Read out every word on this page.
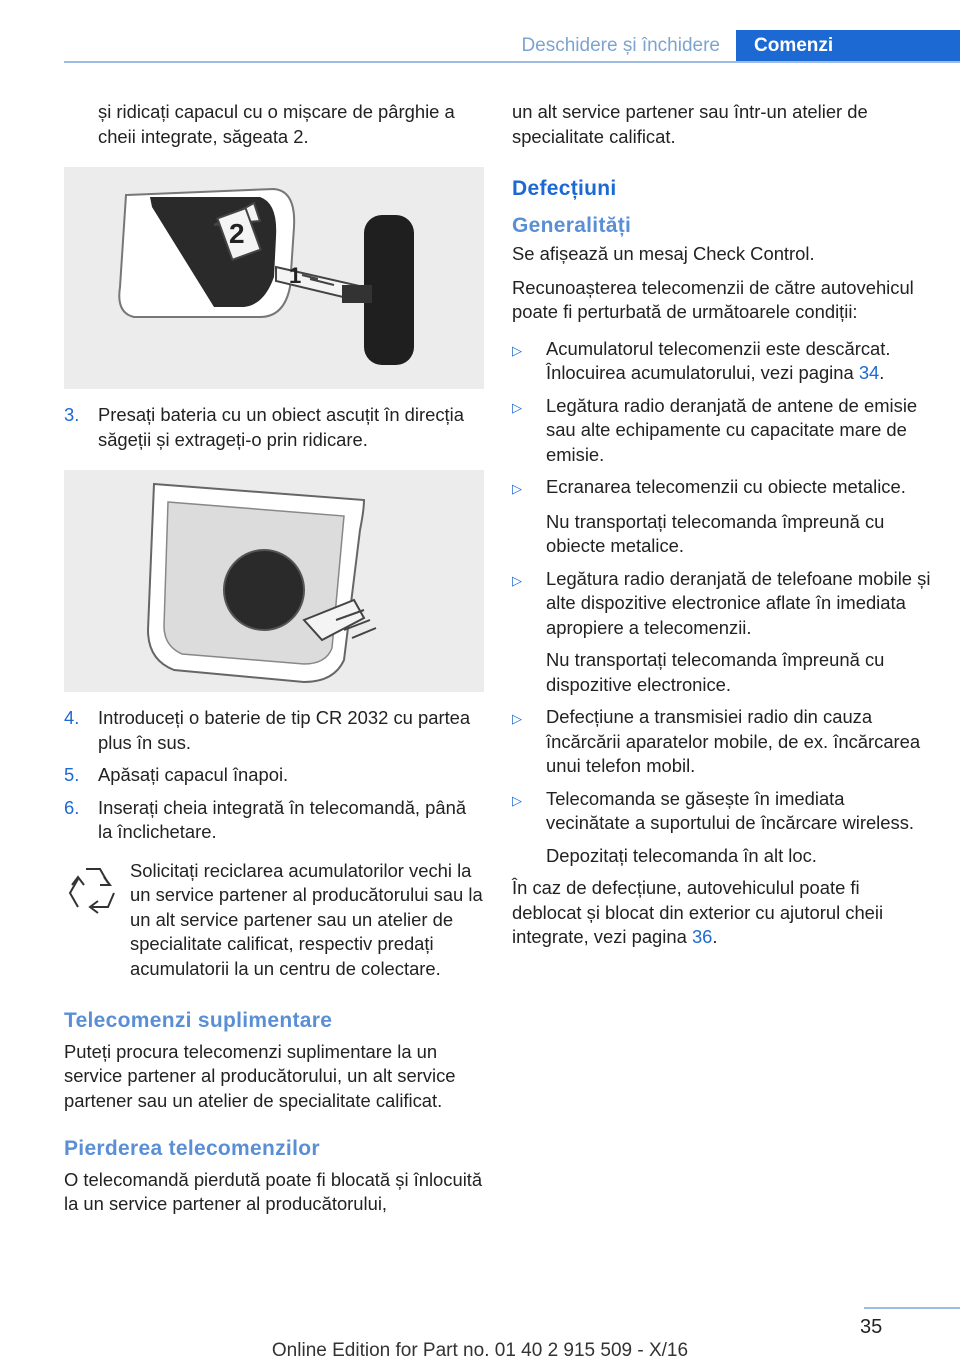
Deschidere și închidere	Comenzi

și ridicați capacul cu o mișcare de pârghie a cheii integrate, săgeata 2.

2
1
3.	Presați bateria cu un obiect ascuțit în direcția săgeții și extrageți-o prin ridicare.
4.	Introduceți o baterie de tip CR 2032 cu partea plus în sus.
5.	Apăsați capacul înapoi.
6.	Inserați cheia integrată în telecomandă, până la înclichetare.

Solicitați reciclarea acumulatorilor vechi la un service partener al producătorului sau la un alt service partener sau un atelier de specialitate calificat, respectiv predați acumulatorii la un centru de colectare.

Telecomenzi suplimentare

Puteți procura telecomenzi suplimentare la un service partener al producătorului, un alt service partener sau un atelier de specialitate calificat.

Pierderea telecomenzilor

O telecomandă pierdută poate fi blocată și înlocuită la un service partener al producătorului,

un alt service partener sau într-un atelier de specialitate calificat.

Defecțiuni
Generalități

Se afișează un mesaj Check Control.

Recunoașterea telecomenzii de către autovehicul poate fi perturbată de următoarele condiții:

▷	Acumulatorul telecomenzii este descărcat. Înlocuirea acumulatorului, vezi pagina 34.
▷	Legătura radio deranjată de antene de emisie sau alte echipamente cu capacitate mare de emisie.
▷	Ecranarea telecomenzii cu obiecte metalice.
Nu transportați telecomanda împreună cu obiecte metalice.
▷	Legătura radio deranjată de telefoane mobile și alte dispozitive electronice aflate în imediata apropiere a telecomenzii.
Nu transportați telecomanda împreună cu dispozitive electronice.
▷	Defecțiune a transmisiei radio din cauza încărcării aparatelor mobile, de ex. încărcarea unui telefon mobil.
▷	Telecomanda se găsește în imediata vecinătate a suportului de încărcare wireless.
Depozitați telecomanda în alt loc.

În caz de defecțiune, autovehiculul poate fi deblocat și blocat din exterior cu ajutorul cheii integrate, vezi pagina 36.

35
Online Edition for Part no. 01 40 2 915 509 - X/16
